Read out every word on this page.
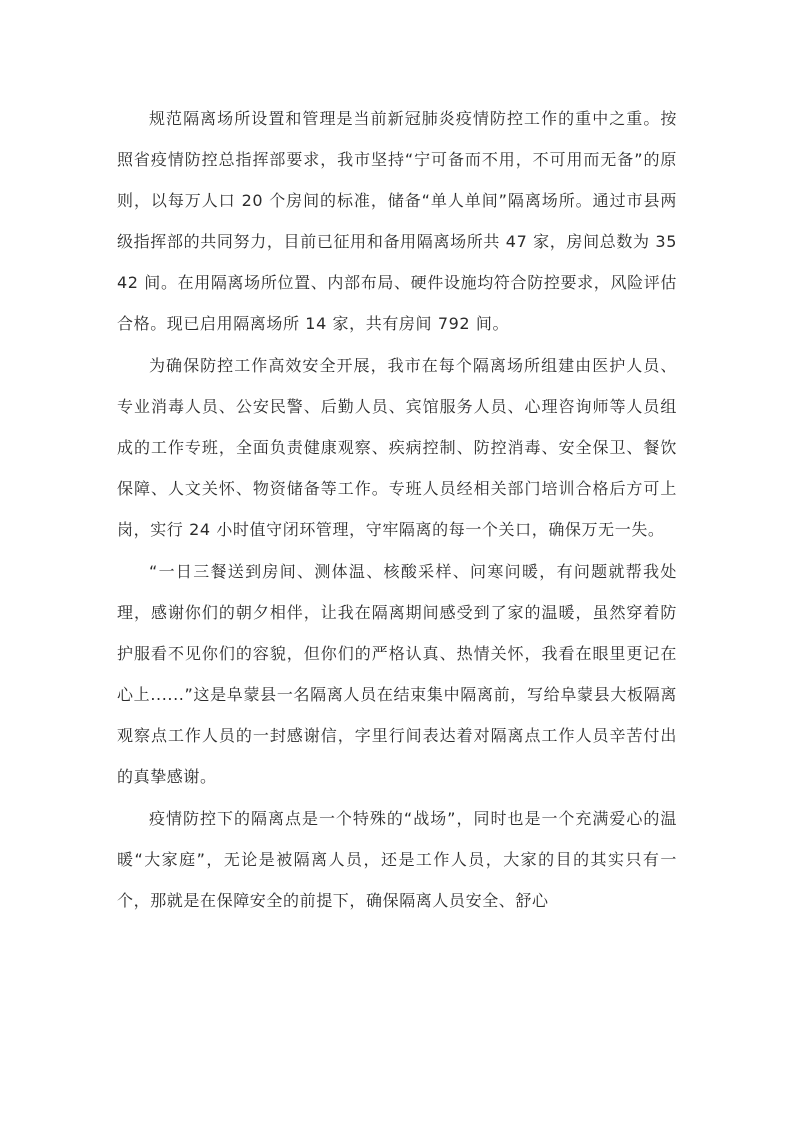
规范隔离场所设置和管理是当前新冠肺炎疫情防控工作的重中之重。按照省疫情防控总指挥部要求，我市坚持“宁可备而不用，不可用而无备”的原则，以每万人口 20 个房间的标准，储备“单人单间”隔离场所。通过市县两级指挥部的共同努力，目前已征用和备用隔离场所共 47 家，房间总数为 3542 间。在用隔离场所位置、内部布局、硬件设施均符合防控要求，风险评估合格。现已启用隔离场所 14 家，共有房间 792 间。

为确保防控工作高效安全开展，我市在每个隔离场所组建由医护人员、专业消毒人员、公安民警、后勤人员、宾馆服务人员、心理咨询师等人员组成的工作专班，全面负责健康观察、疾病控制、防控消毒、安全保卫、餐饮保障、人文关怀、物资储备等工作。专班人员经相关部门培训合格后方可上岗，实行 24 小时值守闭环管理，守牢隔离的每一个关口，确保万无一失。

“一日三餐送到房间、测体温、核酸采样、问寒问暖，有问题就帮我处理，感谢你们的朝夕相伴，让我在隔离期间感受到了家的温暖，虽然穿着防护服看不见你们的容貌，但你们的严格认真、热情关怀，我看在眼里更记在心上......”这是阜蒙县一名隔离人员在结束集中隔离前，写给阜蒙县大板隔离观察点工作人员的一封感谢信，字里行间表达着对隔离点工作人员辛苦付出的真挚感谢。

疫情防控下的隔离点是一个特殊的“战场”，同时也是一个充满爱心的温暖“大家庭”，无论是被隔离人员，还是工作人员，大家的目的其实只有一个，那就是在保障安全的前提下，确保隔离人员安全、舒心
